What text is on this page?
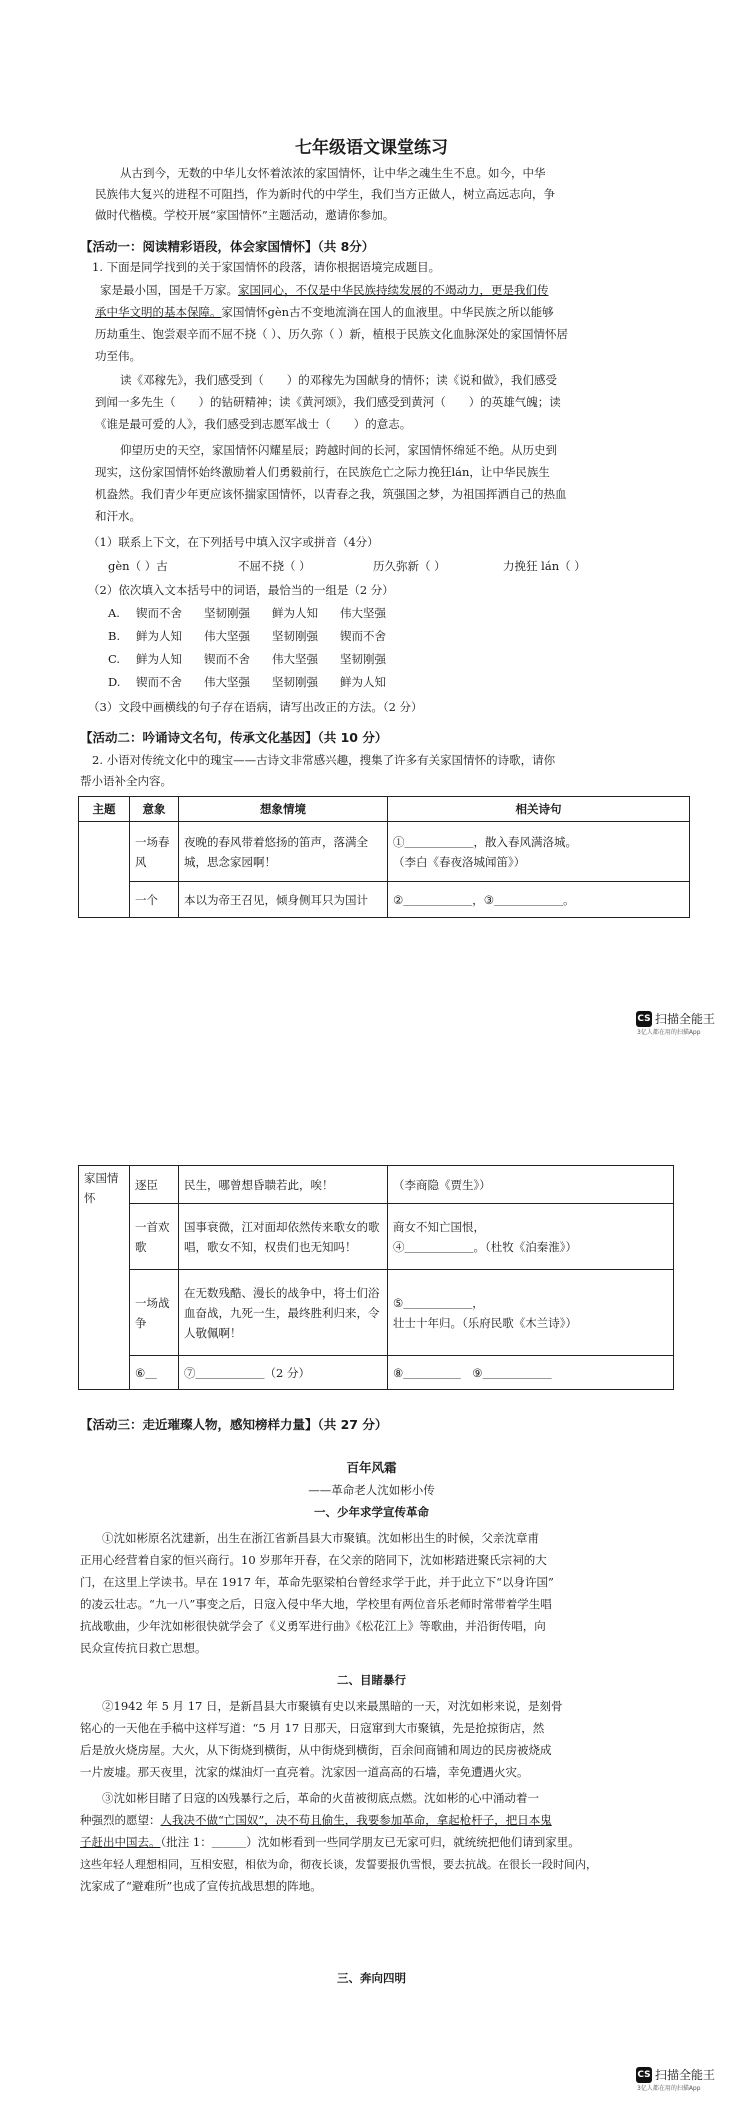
七年级语文课堂练习
从古到今，无数的中华儿女怀着浓浓的家国情怀，让中华之魂生生不息。如今，中华
民族伟大复兴的进程不可阻挡，作为新时代的中学生，我们当方正做人，树立高远志向，争
做时代楷模。学校开展“家国情怀”主题活动，邀请你参加。
【活动一：阅读精彩语段，体会家国情怀】（共 8分）
1. 下面是同学找到的关于家国情怀的段落，请你根据语境完成题目。
家是最小国，国是千万家。家国同心，不仅是中华民族持续发展的不竭动力，更是我们传
承中华文明的基本保障。家国情怀ɡèn古不变地流淌在国人的血液里。中华民族之所以能够
历劫重生、饱尝艰辛而不屈不挠（ ）、历久弥（ ）新，植根于民族文化血脉深处的家国情怀居
功至伟。
读《邓稼先》，我们感受到（　　）的邓稼先为国献身的情怀；读《说和做》，我们感受
到闻一多先生（　　）的钻研精神；读《黄河颂》，我们感受到黄河（　　）的英雄气魄；读
《谁是最可爱的人》，我们感受到志愿军战士（　　）的意志。
仰望历史的天空，家国情怀闪耀星辰；跨越时间的长河，家国情怀绵延不绝。从历史到
现实，这份家国情怀始终激励着人们勇毅前行，在民族危亡之际力挽狂lán，让中华民族生
机盎然。我们青少年更应该怀揣家国情怀，以青春之我，筑强国之梦，为祖国挥洒自己的热血
和汗水。
（1）联系上下文，在下列括号中填入汉字或拼音（4分）
gèn（ ）古	不屈不挠（ ）	历久弥新（ ）	力挽狂 lán（ ）
（2）依次填入文本括号中的词语，最恰当的一组是（2 分）
A. 锲而不舍 坚韧刚强 鲜为人知 伟大坚强
B. 鲜为人知 伟大坚强 坚韧刚强 锲而不舍
C. 鲜为人知 锲而不舍 伟大坚强 坚韧刚强
D. 锲而不舍 伟大坚强 坚韧刚强 鲜为人知
（3）文段中画横线的句子存在语病，请写出改正的方法。（2 分）
【活动二：吟诵诗文名句，传承文化基因】（共 10 分）
2. 小语对传统文化中的瑰宝——古诗文非常感兴趣，搜集了许多有关家国情怀的诗歌，请你
帮小语补全内容。
主题	意象	想象情境	相关诗句
	一场春风	夜晚的春风带着悠扬的笛声，落满全城，思念家园啊！	①＿＿＿＿＿＿，散入春风满洛城。
（李白《春夜洛城闻笛》）

	一个	本以为帝王召见，倾身侧耳只为国计	②＿＿＿＿＿＿，③＿＿＿＿＿＿。
CS 扫描全能王
3亿人都在用的扫描App
家国情怀	逐臣	民生，哪曾想昏聩若此，唉！	（李商隐《贾生》）
	一首欢歌	国事衰微，江对面却依然传来歌女的歌唱，歌女不知，权贵们也无知吗！	商女不知亡国恨，
④＿＿＿＿＿＿。（杜牧《泊秦淮》）

	一场战争	在无数残酷、漫长的战争中，将士们浴血奋战，九死一生，最终胜利归来，令人敬佩啊！	⑤＿＿＿＿＿＿，
壮士十年归。（乐府民歌《木兰诗》）

	⑥＿	⑦＿＿＿＿＿＿（2 分）	⑧＿＿＿＿＿　⑨＿＿＿＿＿＿
【活动三：走近璀璨人物，感知榜样力量】（共 27 分）
百年风霜
——革命老人沈如彬小传
一、少年求学宣传革命
①沈如彬原名沈建新，出生在浙江省新昌县大市聚镇。沈如彬出生的时候，父亲沈章甫
正用心经营着自家的恒兴商行。10 岁那年开春，在父亲的陪同下，沈如彬踏进聚氏宗祠的大
门，在这里上学读书。早在 1917 年，革命先驱梁柏台曾经求学于此，并于此立下“以身许国”
的凌云壮志。“九一八”事变之后，日寇入侵中华大地，学校里有两位音乐老师时常带着学生唱
抗战歌曲，少年沈如彬很快就学会了《义勇军进行曲》《松花江上》等歌曲，并沿街传唱，向
民众宣传抗日救亡思想。
二、目睹暴行
②1942 年 5 月 17 日，是新昌县大市聚镇有史以来最黑暗的一天，对沈如彬来说，是刻骨
铭心的一天他在手稿中这样写道：“5 月 17 日那天，日寇窜到大市聚镇，先是抢掠街店，然
后是放火烧房屋。大火，从下街烧到横街，从中街烧到横街，百余间商铺和周边的民房被烧成
一片废墟。那天夜里，沈家的煤油灯一直亮着。沈家因一道高高的石墙，幸免遭遇火灾。
③沈如彬目睹了日寇的凶残暴行之后，革命的火苗被彻底点燃。沈如彬的心中涌动着一
种强烈的愿望：人我决不做“亡国奴”，决不苟且偷生，我要参加革命，拿起枪杆子，把日本鬼
子赶出中国去。（批注 1：＿＿＿）沈如彬看到一些同学朋友已无家可归，就统统把他们请到家里。
这些年轻人理想相同，互相安慰，相依为命，彻夜长谈，发誓要报仇雪恨，要去抗战。在很长一段时间内，
沈家成了“避难所”也成了宣传抗战思想的阵地。
三、奔向四明
CS 扫描全能王
3亿人都在用的扫描App
